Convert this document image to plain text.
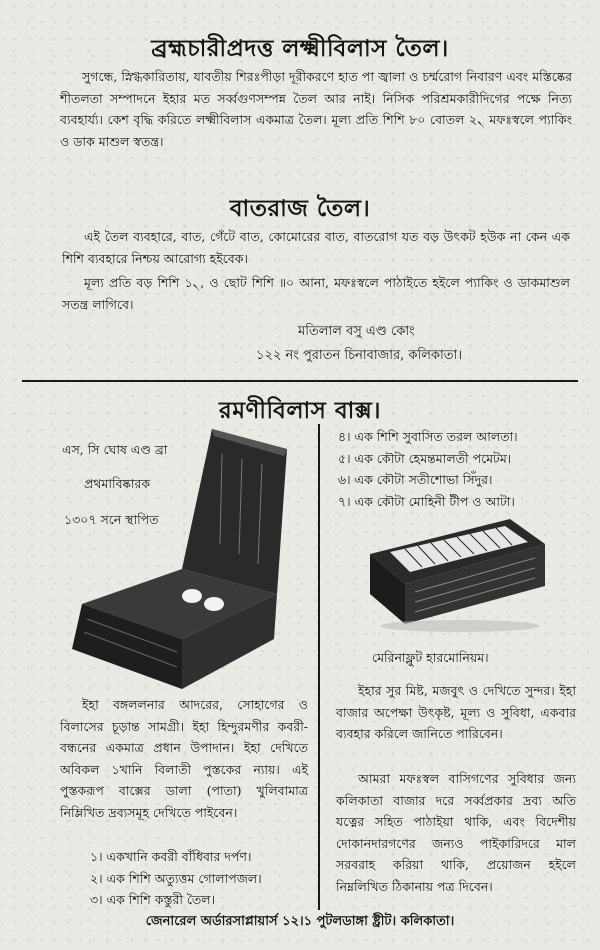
ব্রহ্মচারীপ্রদত্ত লক্ষ্মীবিলাস তৈল।

সুগন্ধে, স্নিগ্ধকারিতায়, যাবতীয় শিরঃপীড়া দূরীকরণে হাত পা জ্বালা ও চর্ম্মরোগ নিবারণ এবং মস্তিষ্কের শীতলতা সম্পাদনে ইহার মত সর্ব্বগুণসম্পন্ন তৈল আর নাই। নিসিক পরিশ্রমকারীদিগের পক্ষে নিত্য ব্যবহার্য্য। কেশ বৃদ্ধি করিতে লক্ষ্মীবিলাস একমাত্র তৈল। মূল্য প্রতি শিশি ৮০ বোতল ২৲ মফঃস্বলে প্যাকিং ও ডাক মাশুল স্বতন্ত্র।

বাতরাজ তৈল।

এই তৈল ব্যবহারে, বাত, গেঁটে বাত, কোমোরের বাত, বাতরোগ যত বড় উৎকট হউক না কেন এক শিশি ব্যবহারে নিশ্চয় আরোগ্য হইবেক।

মূল্য প্রতি বড় শিশি ১৲, ও ছোট শিশি ॥০ আনা, মফঃস্বলে পাঠাইতে হইলে প্যাকিং ও ডাকমাশুল সতন্ত্র লাগিবে।

মতিলাল বসু এণ্ড কোং
১২২ নং পুরাতন চিনাবাজার, কলিকাতা।
রমণীবিলাস বাক্স।
এস, সি ঘোষ এণ্ড ব্রা
প্রথমাবিষ্কারক
১৩০৭ সনে স্থাপিত

ইহা বঙ্গললনার আদরের, সোহাগের ও বিলাসের চূড়ান্ত সামগ্রী। ইহা হিন্দুরমণীর কবরী-বন্ধনের একমাত্র প্রধান উপাদান। ইহা দেখিতে অবিকল ১খানি বিলাতী পুস্তকের ন্যায়। এই পুস্তকরূপ বাক্সের ডালা (পাতা) খুলিবামাত্র নিম্লিখিত দ্রব্যসমূহ দেখিতে পাইবেন।

১। একখানি কবরী বাঁধিবার দর্পণ।
২। এক শিশি অত্যুত্তম গোলাপজল।
৩। এক শিশি কস্তুরী তৈল।
৪। এক শিশি সুবাসিত তরল আলতা।
৫। এক কৌটা হেমন্তমালতী পমেটম।
৬। এক কৌটা সতীশোভা সিঁদুর।
৭। এক কৌটা মোহিনী টীপ ও আটা।
মেরিনাফ্লুট হারমোনিয়ম।

ইহার সুর মিষ্ট, মজবুৎ ও দেখিতে সুন্দর। ইহা বাজার অপেক্ষা উৎকৃষ্ট, মূল্য ও সুবিধা, একবার ব্যবহার করিলে জানিতে পারিবেন।

আমরা মফঃস্বল বাসিগণের সুবিধার জন্য কলিকাতা বাজার দরে সর্ব্বপ্রকার দ্রব্য অতি যত্নের সহিত পাঠাইয়া থাকি, এবং বিদেশীয় দোকানদারগণের জন্যও পাইকারিদরে মাল সরবরাহ করিয়া থাকি, প্রয়োজন হইলে নিম্নলিখিত ঠিকানায় পত্র দিবেন।

জেনারেল অর্ডারসাপ্লায়ার্স ১২।১ পুটলডাঙ্গা ষ্ট্রীট। কলিকাতা।
